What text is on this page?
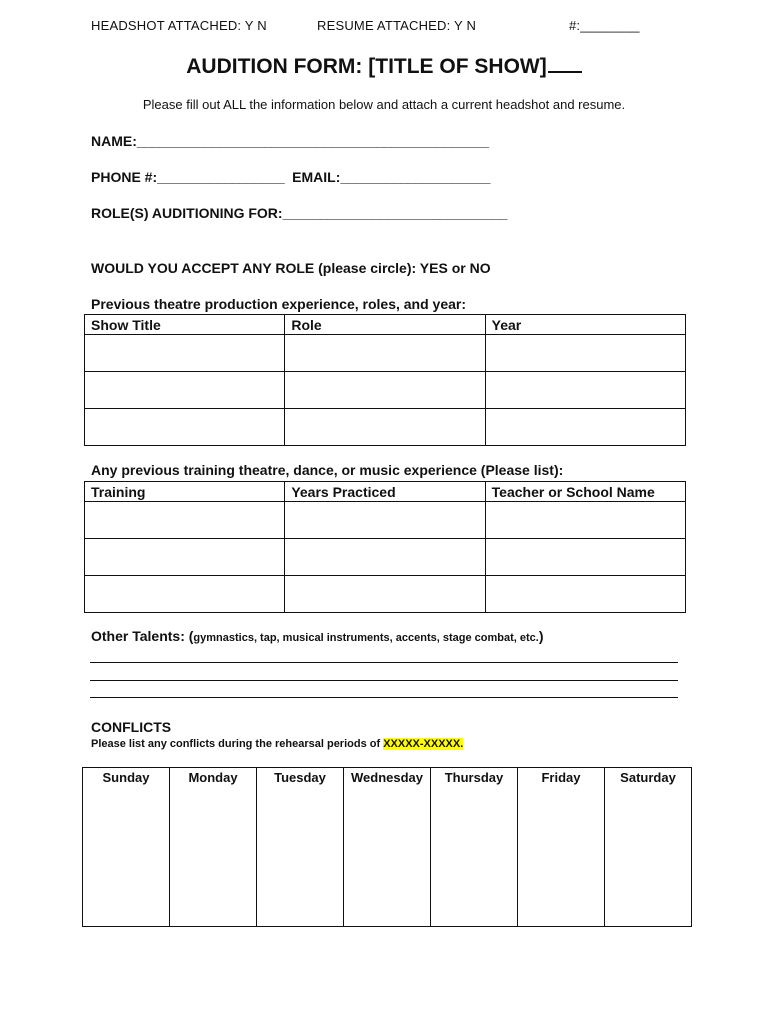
HEADSHOT ATTACHED: Y N	RESUME ATTACHED: Y N	#:________
AUDITION FORM: [TITLE OF SHOW]
Please fill out ALL the information below and attach a current headshot and resume.
NAME:_______________________________________________
PHONE #:_________________ EMAIL:____________________
ROLE(S) AUDITIONING FOR:______________________________
WOULD YOU ACCEPT ANY ROLE (please circle): YES or NO
Previous theatre production experience, roles, and year:
Show Title	Role	Year

Any previous training theatre, dance, or music experience (Please list):
Training	Years Practiced	Teacher or School Name

Other Talents: (gymnastics, tap, musical instruments, accents, stage combat, etc.)
CONFLICTS
Please list any conflicts during the rehearsal periods of XXXXX-XXXXX.
Sunday	Monday	Tuesday	Wednesday	Thursday	Friday	Saturday
